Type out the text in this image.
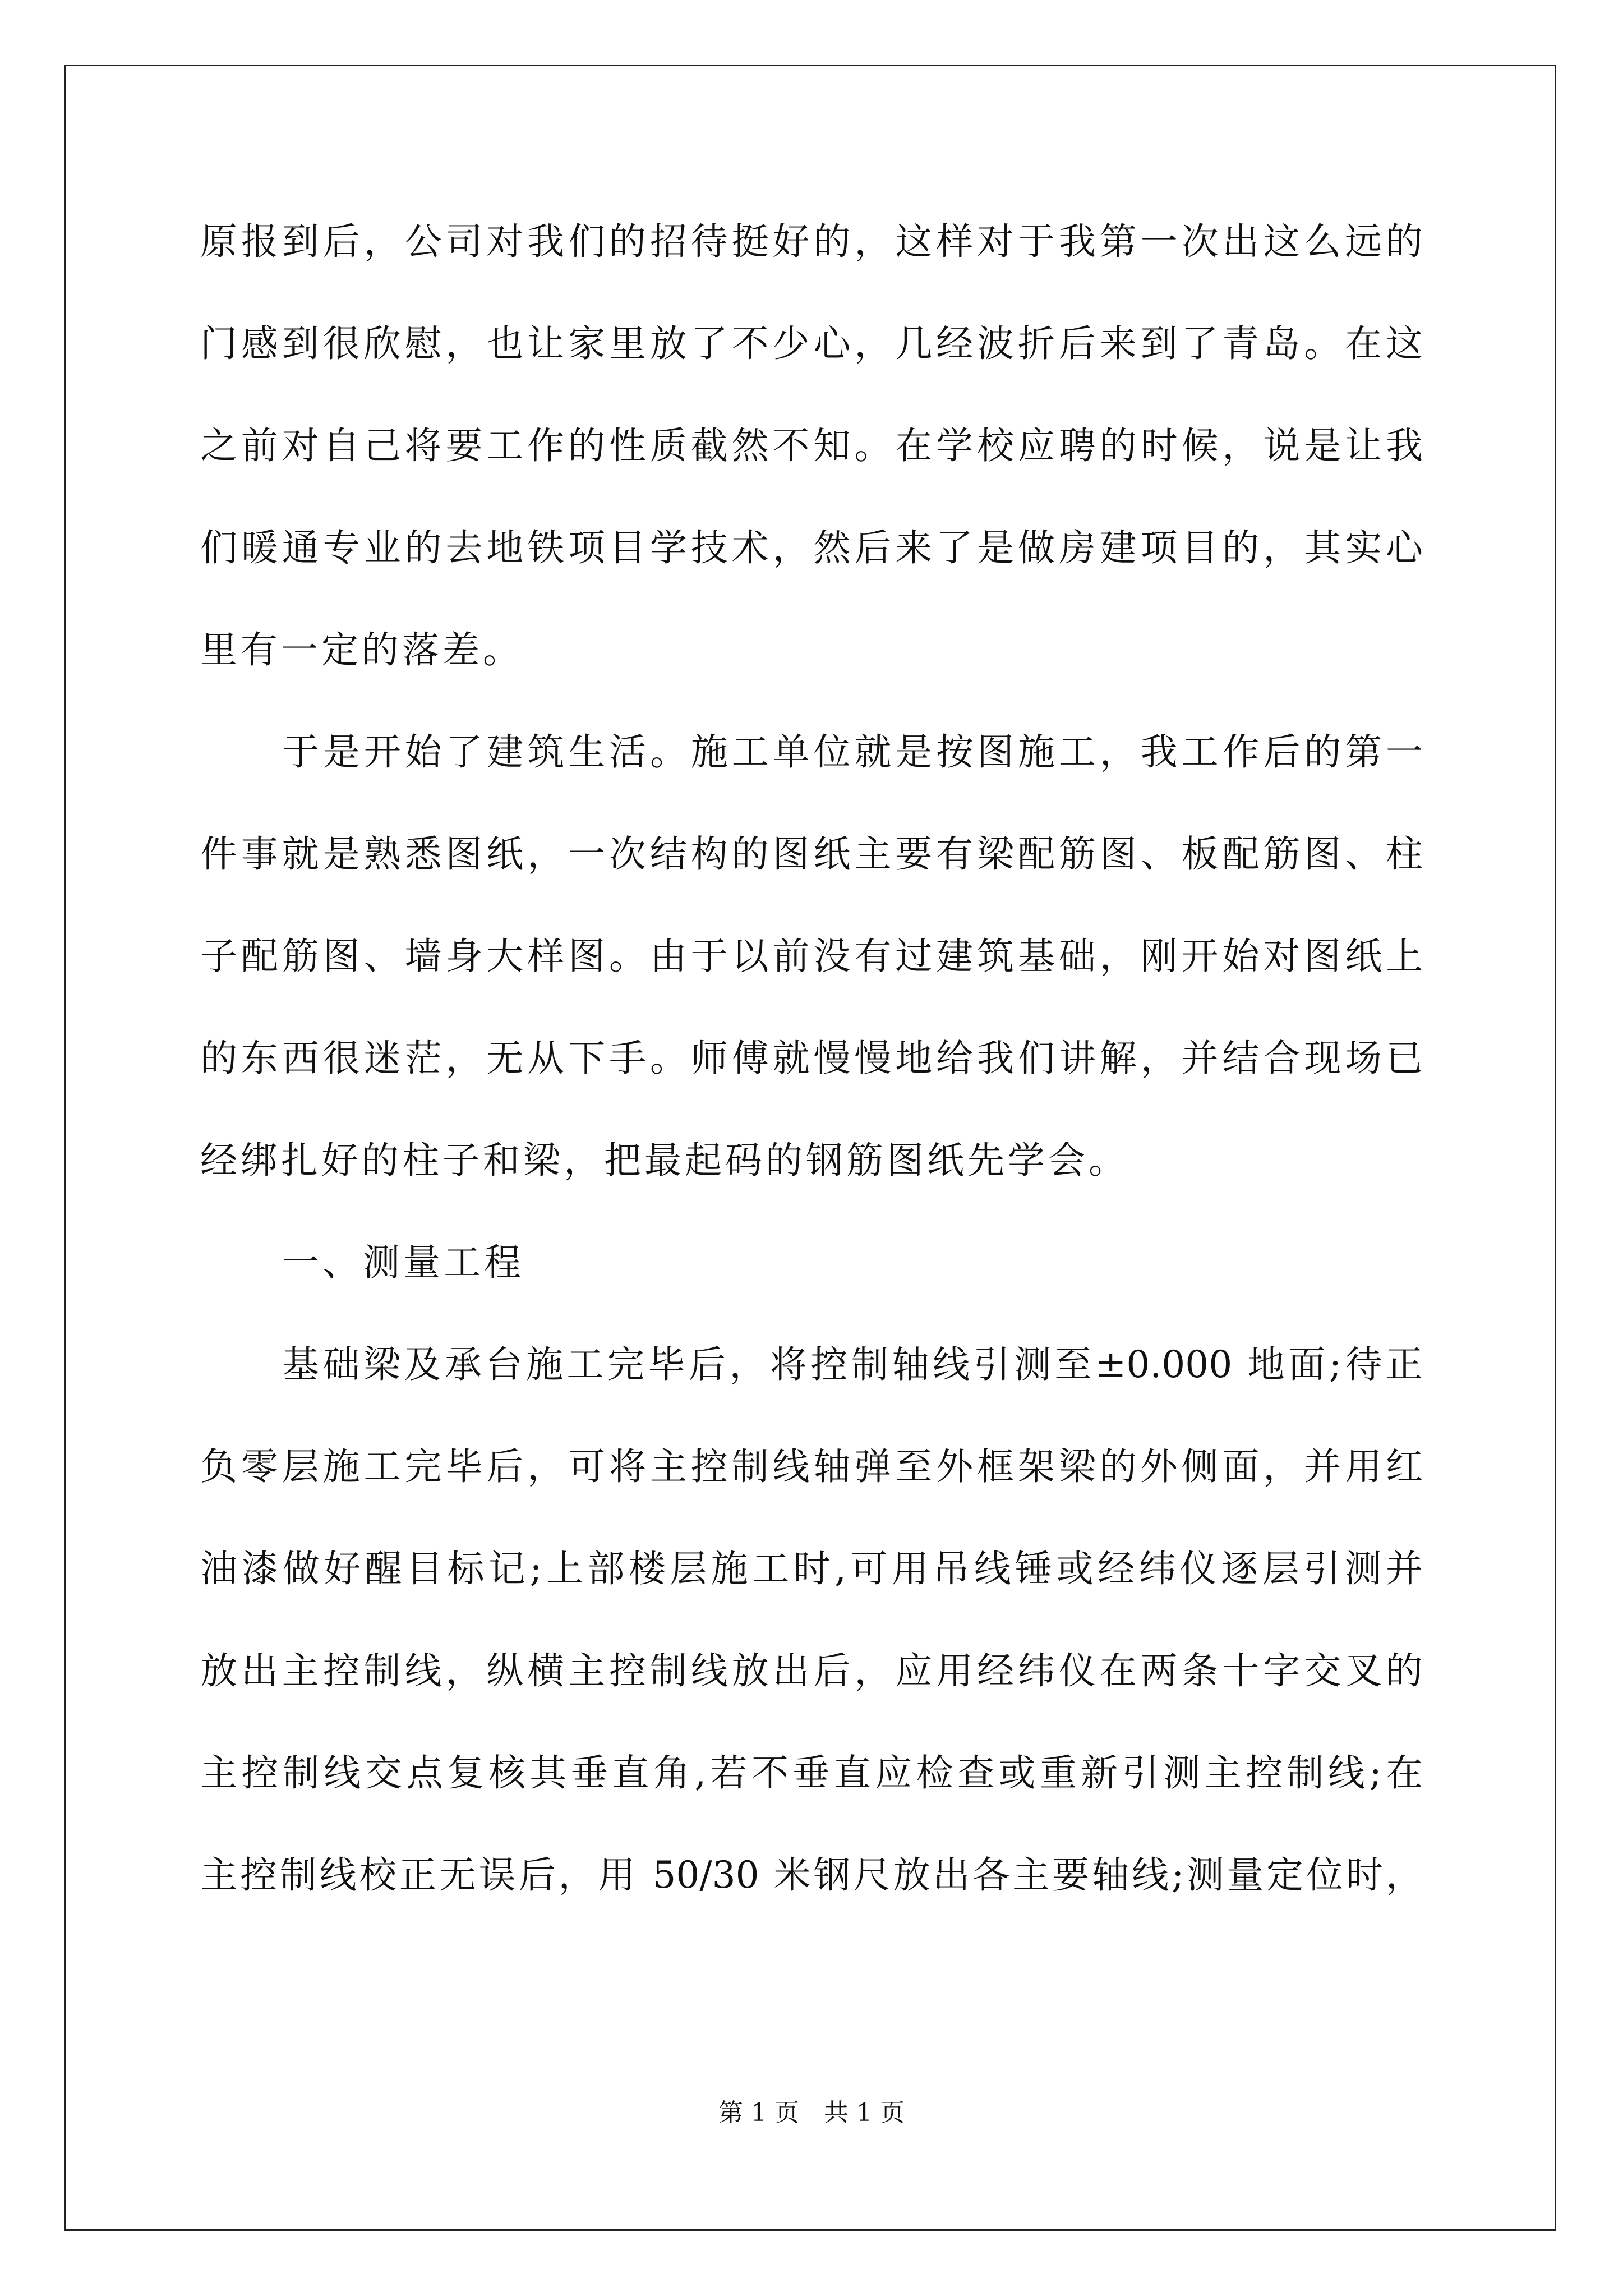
原报到后，公司对我们的招待挺好的，这样对于我第一次出这么远的
门感到很欣慰，也让家里放了不少心，几经波折后来到了青岛。在这
之前对自己将要工作的性质截然不知。在学校应聘的时候，说是让我
们暖通专业的去地铁项目学技术，然后来了是做房建项目的，其实心
里有一定的落差。
于是开始了建筑生活。施工单位就是按图施工，我工作后的第一
件事就是熟悉图纸，一次结构的图纸主要有梁配筋图、板配筋图、柱
子配筋图、墙身大样图。由于以前没有过建筑基础，刚开始对图纸上
的东西很迷茫，无从下手。师傅就慢慢地给我们讲解，并结合现场已
经绑扎好的柱子和梁，把最起码的钢筋图纸先学会。
一、测量工程
基础梁及承台施工完毕后，将控制轴线引测至±0.000 地面;待正
负零层施工完毕后，可将主控制线轴弹至外框架梁的外侧面，并用红
油漆做好醒目标记;上部楼层施工时,可用吊线锤或经纬仪逐层引测并
放出主控制线，纵横主控制线放出后，应用经纬仪在两条十字交叉的
主控制线交点复核其垂直角,若不垂直应检查或重新引测主控制线;在
主控制线校正无误后，用 50/30 米钢尺放出各主要轴线;测量定位时，
第 1 页　共 1 页
